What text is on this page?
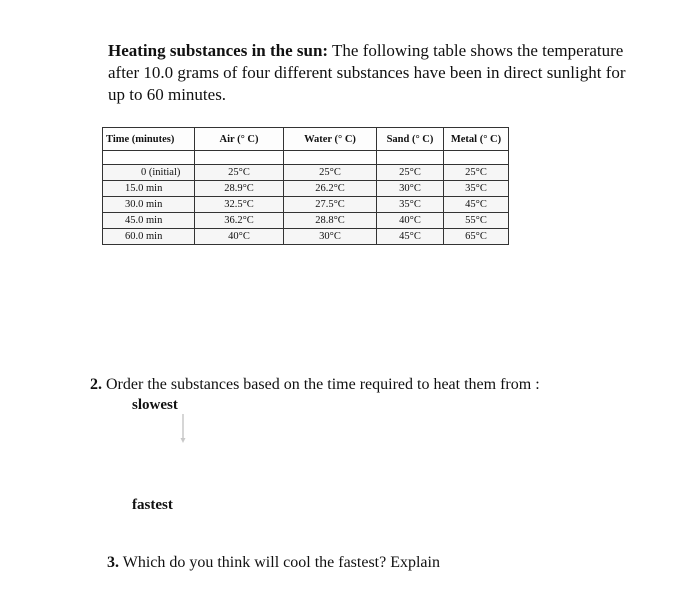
Heating substances in the sun: The following table shows the temperature after 10.0 grams of four different substances have been in direct sunlight for up to 60 minutes.

Time (minutes)	Air (° C)	Water (° C)	Sand (° C)	Metal (° C)

0 (initial)	25°C	25°C	25°C	25°C
15.0 min	28.9°C	26.2°C	30°C	35°C
30.0 min	32.5°C	27.5°C	35°C	45°C
45.0 min	36.2°C	28.8°C	40°C	55°C
60.0 min	40°C	30°C	45°C	65°C

2. Order the substances based on the time required to heat them from :

slowest
fastest

3. Which do you think will cool the fastest? Explain
